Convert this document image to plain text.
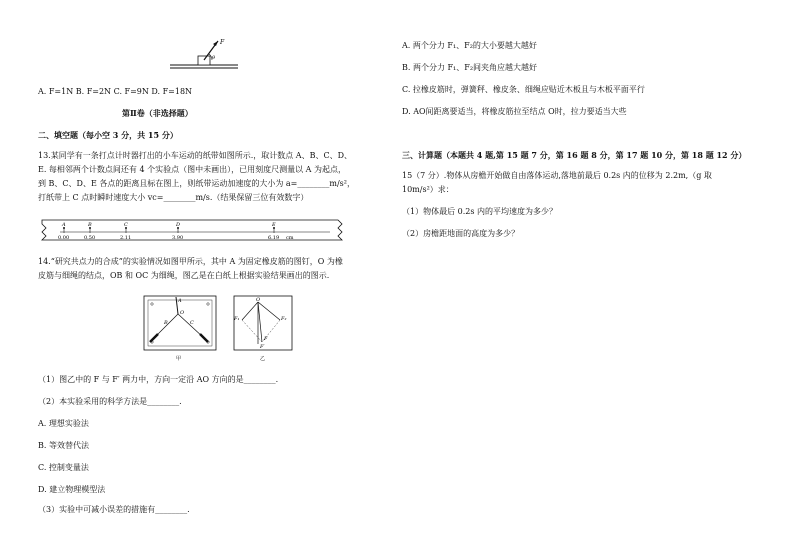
F
θ
A. F=1N B. F=2N C. F=9N D. F=18N
第Ⅱ卷（非选择题）
二、填空题（每小空 3 分，共 15 分）
13.某同学有一条打点计时器打出的小车运动的纸带如图所示.，取计数点 A、B、C、D、
E. 每相邻两个计数点间还有 4 个实验点（图中未画出），已用刻度尺测量以 A 为起点，
到 B、C、D、E 各点的距离且标在图上，则纸带运动加速度的大小为 a=________m/s²，
打纸带上 C 点时瞬时速度大小 vc=________m/s.（结果保留三位有效数字）
A	B	C	D	E
0.00	0.50	2.11	3.90	6.19 cm
14.“研究共点力的合成”的实验情况如图甲所示，其中 A 为固定橡皮筋的图钉，O 为橡
皮筋与细绳的结点，OB 和 OC 为细绳，图乙是在白纸上根据实验结果画出的图示.
A
O
B	C
甲
O
F₁	F₂
F
F′
乙
（1）图乙中的 F 与 F′ 两力中，方向一定沿 AO 方向的是________.
（2）本实验采用的科学方法是________.
A. 理想实验法
B. 等效替代法
C. 控制变量法
D. 建立物理模型法
（3）实验中可减小误差的措施有________.
A. 两个分力 F₁、F₂的大小要越大越好
B. 两个分力 F₁、F₂间夹角应越大越好
C. 拉橡皮筋时，弹簧秤、橡皮条、细绳应贴近木板且与木板平面平行
D. AO间距离要适当，将橡皮筋拉至结点 O时，拉力要适当大些
三、计算题（本题共 4 题,第 15 题 7 分，第 16 题 8 分，第 17 题 10 分，第 18 题 12 分）
15（7 分）.物体从房檐开始做自由落体运动,落地前最后 0.2s 内的位移为 2.2m,（g 取
10m/s²）求：
（1）物体最后 0.2s 内的平均速度为多少？
（2）房檐距地面的高度为多少？
